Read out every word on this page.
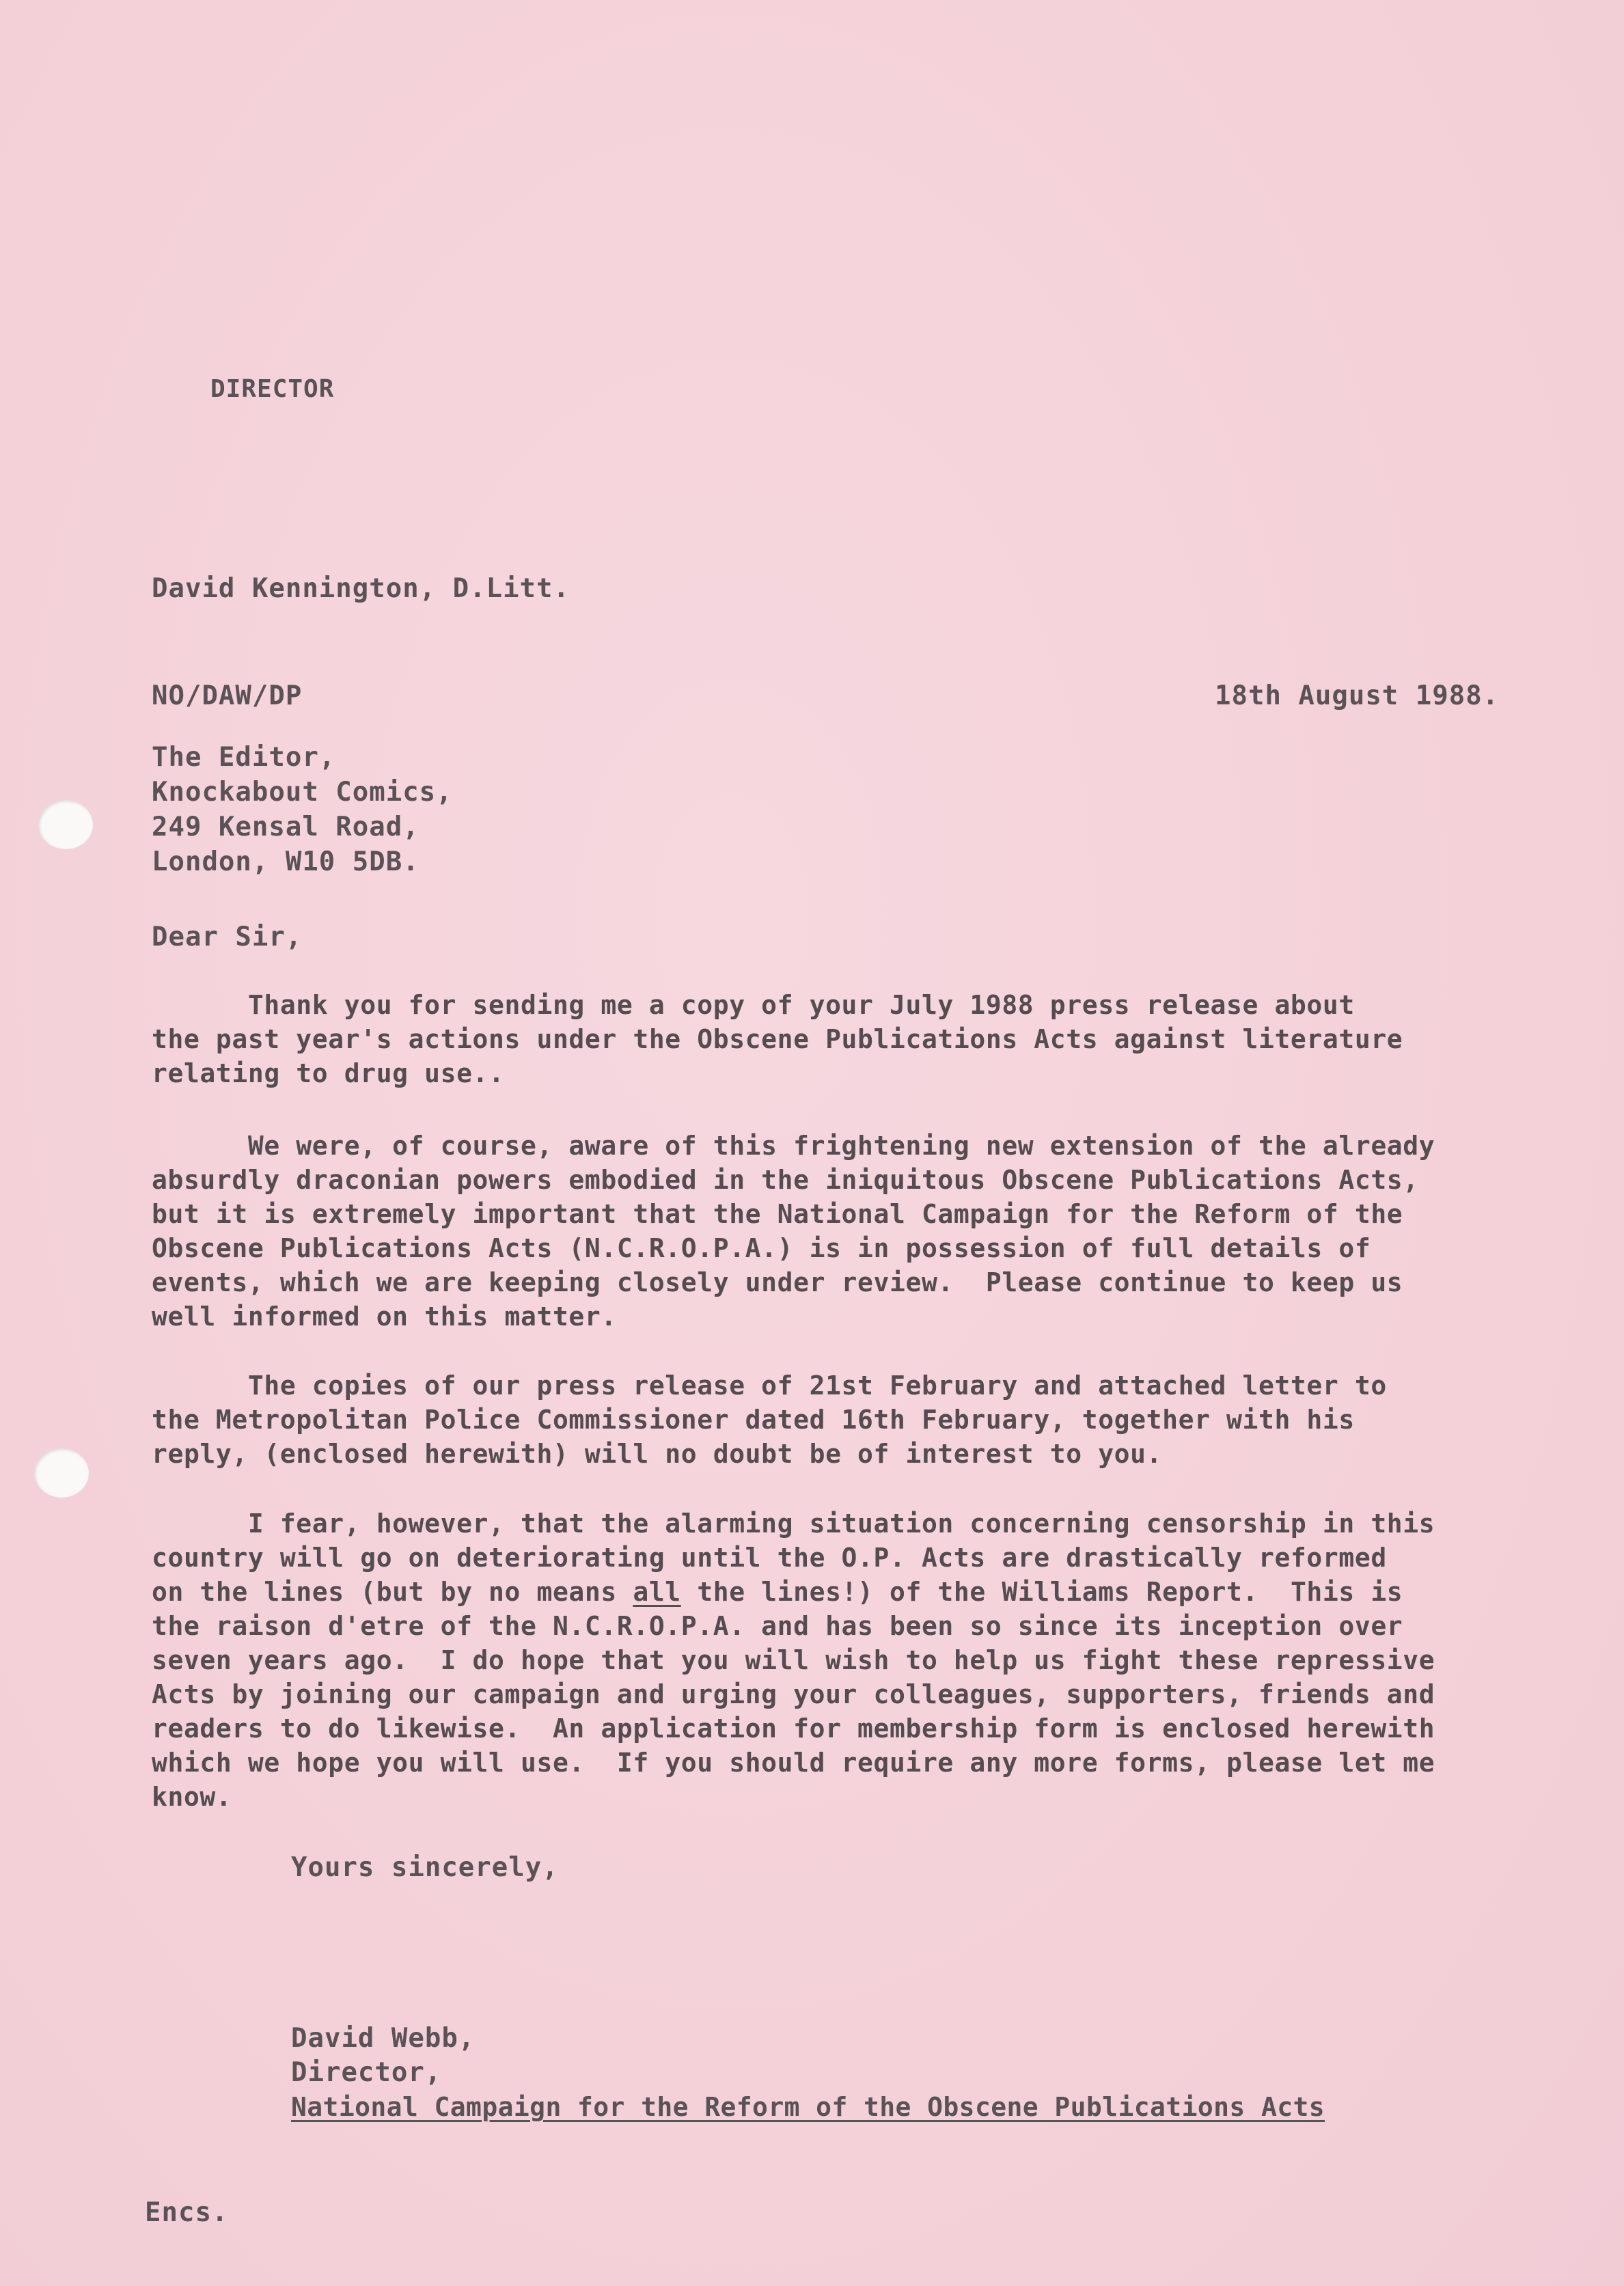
DIRECTOR
David Kennington, D.Litt.
NO/DAW/DP	18th August 1988.
The Editor,
Knockabout Comics,
249 Kensal Road,
London, W10 5DB.
Dear Sir,
Thank you for sending me a copy of your July 1988 press release about
the past year's actions under the Obscene Publications Acts against literature
relating to drug use..
We were, of course, aware of this frightening new extension of the already
absurdly draconian powers embodied in the iniquitous Obscene Publications Acts,
but it is extremely important that the National Campaign for the Reform of the
Obscene Publications Acts (N.C.R.O.P.A.) is in possession of full details of
events, which we are keeping closely under review.  Please continue to keep us
well informed on this matter.
The copies of our press release of 21st February and attached letter to
the Metropolitan Police Commissioner dated 16th February, together with his
reply, (enclosed herewith) will no doubt be of interest to you.
I fear, however, that the alarming situation concerning censorship in this
country will go on deteriorating until the O.P. Acts are drastically reformed
on the lines (but by no means all the lines!) of the Williams Report.  This is
the raison d'etre of the N.C.R.O.P.A. and has been so since its inception over
seven years ago.  I do hope that you will wish to help us fight these repressive
Acts by joining our campaign and urging your colleagues, supporters, friends and
readers to do likewise.  An application for membership form is enclosed herewith
which we hope you will use.  If you should require any more forms, please let me
know.
Yours sincerely,
David Webb,
Director,
National Campaign for the Reform of the Obscene Publications Acts
Encs.
